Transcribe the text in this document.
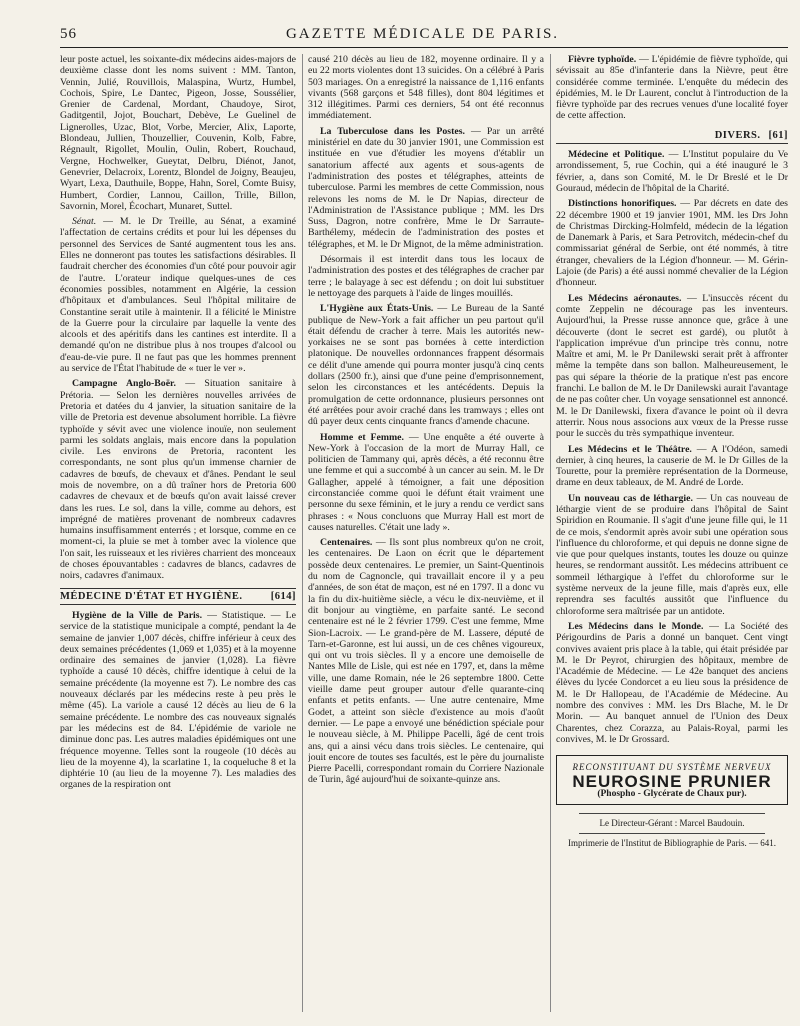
56	GAZETTE MÉDICALE DE PARIS.

leur poste actuel, les soixante-dix médecins aides-majors de deuxième classe dont les noms suivent : MM. Tanton, Vennin, Julié, Rouvillois, Malaspina, Wurtz, Humbel, Cochois, Spire, Le Dantec, Pigeon, Josse, Soussélier, Grenier de Cardenal, Mordant, Chaudoye, Sirot, Gaditgentil, Jojot, Bouchart, Debève, Le Guelinel de Lignerolles, Uzac, Blot, Vorbe, Mercier, Alix, Laporte, Blondeau, Jullien, Thouzellier, Couvenin, Kolb, Fabre, Régnault, Rigollet, Moulin, Oulin, Robert, Rouchaud, Vergne, Hochwelker, Gueytat, Delbru, Diénot, Janot, Genevrier, Delacroix, Lorentz, Blondel de Joigny, Beaujeu, Wyart, Lexa, Dauthuile, Boppe, Hahn, Sorel, Comte Buisy, Humbert, Cordier, Lannou, Caillon, Trille, Billon, Savornin, Morel, Écochart, Munaret, Suttel.

Sénat. — M. le Dr Treille, au Sénat, a examiné l'affectation de certains crédits et pour lui les dépenses du personnel des Services de Santé augmentent tous les ans. Elles ne donneront pas toutes les satisfactions désirables. Il faudrait chercher des économies d'un côté pour pouvoir agir de l'autre. L'orateur indique quelques-unes de ces économies possibles, notamment en Algérie, la cession d'hôpitaux et d'ambulances. Seul l'hôpital militaire de Constantine serait utile à maintenir. Il a félicité le Ministre de la Guerre pour la circulaire par laquelle la vente des alcools et des apéritifs dans les cantines est interdite. Il a demandé qu'on ne distribue plus à nos troupes d'alcool ou d'eau-de-vie pure. Il ne faut pas que les hommes prennent au service de l'État l'habitude de « tuer le ver ».

Campagne Anglo-Boër. — Situation sanitaire à Prétoria. — Selon les dernières nouvelles arrivées de Pretoria et datées du 4 janvier, la situation sanitaire de la ville de Pretoria est devenue absolument horrible. La fièvre typhoïde y sévit avec une violence inouïe, non seulement parmi les soldats anglais, mais encore dans la population civile. Les environs de Pretoria, racontent les correspondants, ne sont plus qu'un immense charnier de cadavres de bœufs, de chevaux et d'ânes. Pendant le seul mois de novembre, on a dû traîner hors de Pretoria 600 cadavres de chevaux et de bœufs qu'on avait laissé crever dans les rues. Le sol, dans la ville, comme au dehors, est imprégné de matières provenant de nombreux cadavres humains insuffisamment enterrés ; et lorsque, comme en ce moment-ci, la pluie se met à tomber avec la violence que l'on sait, les ruisseaux et les rivières charrient des monceaux de choses épouvantables : cadavres de blancs, cadavres de noirs, cadavres d'animaux.

MÉDECINE D'ÉTAT ET HYGIÈNE.	[614]

Hygiène de la Ville de Paris. — Statistique. — Le service de la statistique municipale a compté, pendant la 4e semaine de janvier 1,007 décès, chiffre inférieur à ceux des deux semaines précédentes (1,069 et 1,035) et à la moyenne ordinaire des semaines de janvier (1,028). La fièvre typhoïde a causé 10 décès, chiffre identique à celui de la semaine précédente (la moyenne est 7). Le nombre des cas nouveaux déclarés par les médecins reste à peu près le même (45). La variole a causé 12 décès au lieu de 6 la semaine précédente. Le nombre des cas nouveaux signalés par les médecins est de 84. L'épidémie de variole ne diminue donc pas. Les autres maladies épidémiques ont une fréquence moyenne. Telles sont la rougeole (10 décès au lieu de la moyenne 4), la scarlatine 1, la coqueluche 8 et la diphtérie 10 (au lieu de la moyenne 7). Les maladies des organes de la respiration ont

causé 210 décès au lieu de 182, moyenne ordinaire. Il y a eu 22 morts violentes dont 13 suicides. On a célébré à Paris 503 mariages. On a enregistré la naissance de 1,116 enfants vivants (568 garçons et 548 filles), dont 804 légitimes et 312 illégitimes. Parmi ces derniers, 54 ont été reconnus immédiatement.

La Tuberculose dans les Postes. — Par un arrêté ministériel en date du 30 janvier 1901, une Commission est instituée en vue d'étudier les moyens d'établir un sanatorium affecté aux agents et sous-agents de l'administration des postes et télégraphes, atteints de tuberculose. Parmi les membres de cette Commission, nous relevons les noms de M. le Dr Napias, directeur de l'Administration de l'Assistance publique ; MM. les Drs Suss, Dagron, notre confrère, Mme le Dr Sarraute-Barthélemy, médecin de l'administration des postes et télégraphes, et M. le Dr Mignot, de la même administration.

Désormais il est interdit dans tous les locaux de l'administration des postes et des télégraphes de cracher par terre ; le balayage à sec est défendu ; on doit lui substituer le nettoyage des parquets à l'aide de linges mouillés.

L'Hygiène aux États-Unis. — Le Bureau de la Santé publique de New-York a fait afficher un peu partout qu'il était défendu de cracher à terre. Mais les autorités new-yorkaises ne se sont pas bornées à cette interdiction platonique. De nouvelles ordonnances frappent désormais ce délit d'une amende qui pourra monter jusqu'à cinq cents dollars (2500 fr.), ainsi que d'une peine d'emprisonnement, selon les circonstances et les antécédents. Depuis la promulgation de cette ordonnance, plusieurs personnes ont été arrêtées pour avoir craché dans les tramways ; elles ont dû payer deux cents cinquante francs d'amende chacune.

Homme et Femme. — Une enquête a été ouverte à New-York à l'occasion de la mort de Murray Hall, ce politicien de Tammany qui, après décès, a été reconnu être une femme et qui a succombé à un cancer au sein. M. le Dr Gallagher, appelé à témoigner, a fait une déposition circonstanciée comme quoi le défunt était vraiment une personne du sexe féminin, et le jury a rendu ce verdict sans phrases : « Nous concluons que Murray Hall est mort de causes naturelles. C'était une lady ».

Centenaires. — Ils sont plus nombreux qu'on ne croit, les centenaires. De Laon on écrit que le département possède deux centenaires. Le premier, un Saint-Quentinois du nom de Cagnoncle, qui travaillait encore il y a peu d'années, de son état de maçon, est né en 1797. Il a donc vu la fin du dix-huitième siècle, a vécu le dix-neuvième, et il dit bonjour au vingtième, en parfaite santé. Le second centenaire est né le 2 février 1799. C'est une femme, Mme Sion-Lacroix. — Le grand-père de M. Lassere, député de Tarn-et-Garonne, est lui aussi, un de ces chênes vigoureux, qui ont vu trois siècles. Il y a encore une demoiselle de Nantes Mlle de Lisle, qui est née en 1797, et, dans la même ville, une dame Romain, née le 26 septembre 1800. Cette vieille dame peut grouper autour d'elle quarante-cinq enfants et petits enfants. — Une autre centenaire, Mme Godet, a atteint son siècle d'existence au mois d'août dernier. — Le pape a envoyé une bénédiction spéciale pour le nouveau siècle, à M. Philippe Pacelli, âgé de cent trois ans, qui a ainsi vécu dans trois siècles. Le centenaire, qui jouit encore de toutes ses facultés, est le père du journaliste Pierre Pacelli, correspondant romain du Corriere Nazionale de Turin, âgé aujourd'hui de soixante-quinze ans.

Fièvre typhoïde. — L'épidémie de fièvre typhoïde, qui sévissait au 85e d'infanterie dans la Nièvre, peut être considérée comme terminée. L'enquête du médecin des épidémies, M. le Dr Laurent, conclut à l'introduction de la fièvre typhoïde par des recrues venues d'une localité foyer de cette affection.

DIVERS. [61]

Médecine et Politique. — L'Institut populaire du Ve arrondissement, 5, rue Cochin, qui a été inauguré le 3 février, a, dans son Comité, M. le Dr Breslé et le Dr Gouraud, médecin de l'hôpital de la Charité.

Distinctions honorifiques. — Par décrets en date des 22 décembre 1900 et 19 janvier 1901, MM. les Drs John de Christmas Dircking-Holmfeld, médecin de la légation de Danemark à Paris, et Sara Petrovitch, médecin-chef du commissariat général de Serbie, ont été nommés, à titre étranger, chevaliers de la Légion d'honneur. — M. Gérin-Lajoie (de Paris) a été aussi nommé chevalier de la Légion d'honneur.

Les Médecins aéronautes. — L'insuccès récent du comte Zeppelin ne décourage pas les inventeurs. Aujourd'hui, la Presse russe annonce que, grâce à une découverte (dont le secret est gardé), ou plutôt à l'application imprévue d'un principe très connu, notre Maître et ami, M. le Pr Danilewski serait prêt à affronter même la tempête dans son ballon. Malheureusement, le pas qui sépare la théorie de la pratique n'est pas encore franchi. Le ballon de M. le Dr Danilewski aurait l'avantage de ne pas coûter cher. Un voyage sensationnel est annoncé. M. le Dr Danilewski, fixera d'avance le point où il devra atterrir. Nous nous associons aux vœux de la Presse russe pour le succès du très sympathique inventeur.

Les Médecins et le Théâtre. — A l'Odéon, samedi dernier, à cinq heures, la causerie de M. le Dr Gilles de la Tourette, pour la première représentation de la Dormeuse, drame en deux tableaux, de M. André de Lorde.

Un nouveau cas de léthargie. — Un cas nouveau de léthargie vient de se produire dans l'hôpital de Saint Spiridion en Roumanie. Il s'agit d'une jeune fille qui, le 11 de ce mois, s'endormit après avoir subi une opération sous l'influence du chloroforme, et qui depuis ne donne signe de vie que pour quelques instants, toutes les douze ou quinze heures, se rendormant aussitôt. Les médecins attribuent ce sommeil léthargique à l'effet du chloroforme sur le système nerveux de la jeune fille, mais d'après eux, elle reprendra ses facultés aussitôt que l'influence du chloroforme sera maîtrisée par un antidote.

Les Médecins dans le Monde. — La Société des Périgourdins de Paris a donné un banquet. Cent vingt convives avaient pris place à la table, qui était présidée par M. le Dr Peyrot, chirurgien des hôpitaux, membre de l'Académie de Médecine. — Le 42e banquet des anciens élèves du lycée Condorcet a eu lieu sous la présidence de M. le Dr Hallopeau, de l'Académie de Médecine. Au nombre des convives : MM. les Drs Blache, M. le Dr Morin. — Au banquet annuel de l'Union des Deux Charentes, chez Corazza, au Palais-Royal, parmi les convives, M. le Dr Grossard.

RECONSTITUANT DU SYSTÈME NERVEUX
NEUROSINE PRUNIER
(Phospho - Glycérate de Chaux pur).
Le Directeur-Gérant : Marcel Baudouin.
Imprimerie de l'Institut de Bibliographie de Paris. — 641.
